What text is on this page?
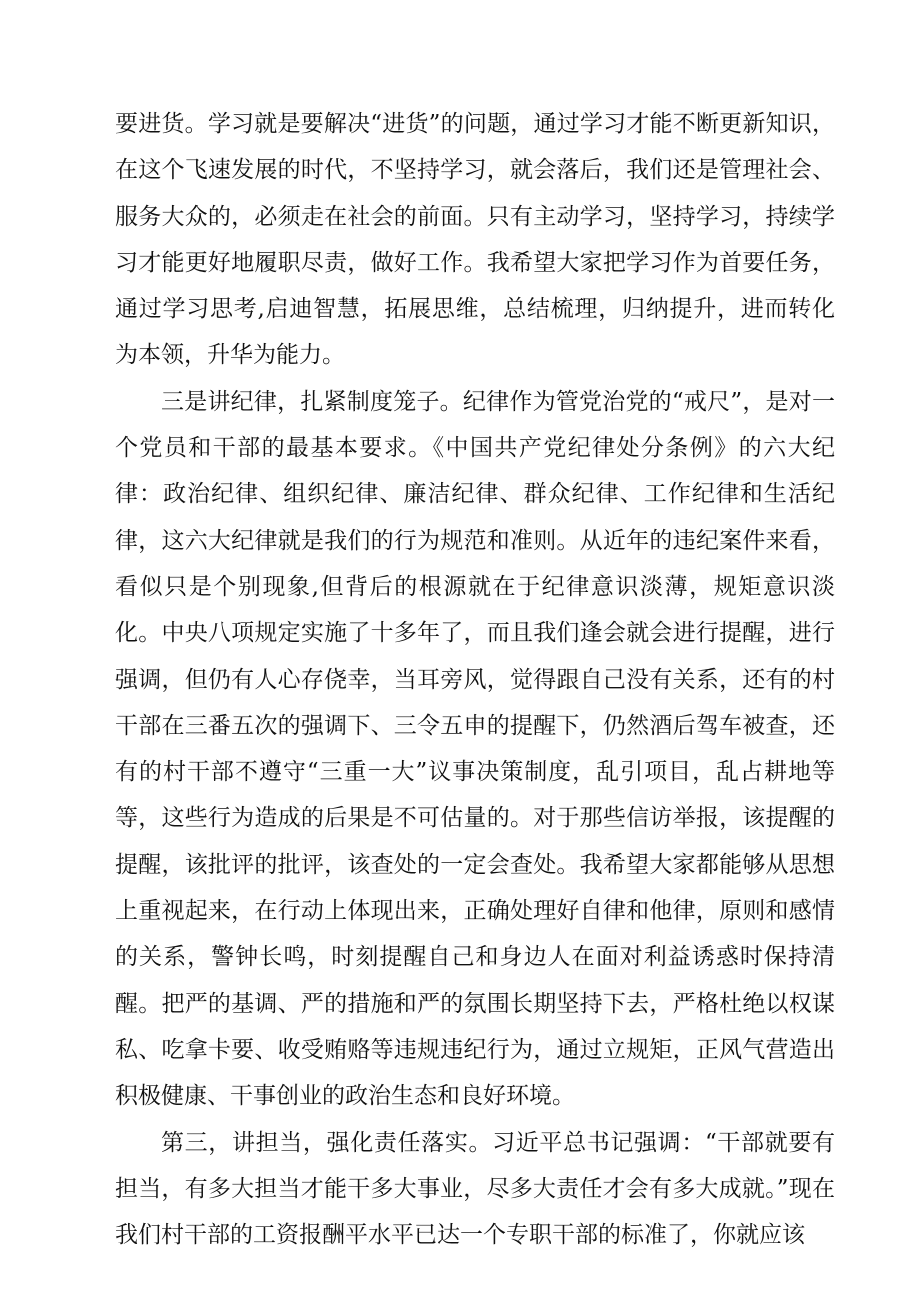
要进货。学习就是要解决“进货”的问题，通过学习才能不断更新知识，在这个飞速发展的时代，不坚持学习，就会落后，我们还是管理社会、服务大众的，必须走在社会的前面。只有主动学习，坚持学习，持续学习才能更好地履职尽责，做好工作。我希望大家把学习作为首要任务，通过学习思考,启迪智慧，拓展思维，总结梳理，归纳提升，进而转化为本领，升华为能力。

三是讲纪律，扎紧制度笼子。纪律作为管党治党的“戒尺”，是对一个党员和干部的最基本要求。《中国共产党纪律处分条例》的六大纪律：政治纪律、组织纪律、廉洁纪律、群众纪律、工作纪律和生活纪律，这六大纪律就是我们的行为规范和准则。从近年的违纪案件来看，看似只是个别现象,但背后的根源就在于纪律意识淡薄，规矩意识淡化。中央八项规定实施了十多年了，而且我们逢会就会进行提醒，进行强调，但仍有人心存侥幸，当耳旁风，觉得跟自己没有关系，还有的村干部在三番五次的强调下、三令五申的提醒下，仍然酒后驾车被查，还有的村干部不遵守“三重一大”议事决策制度，乱引项目，乱占耕地等等，这些行为造成的后果是不可估量的。对于那些信访举报，该提醒的提醒，该批评的批评，该查处的一定会查处。我希望大家都能够从思想上重视起来，在行动上体现出来，正确处理好自律和他律，原则和感情的关系，警钟长鸣，时刻提醒自己和身边人在面对利益诱惑时保持清醒。把严的基调、严的措施和严的氛围长期坚持下去，严格杜绝以权谋私、吃拿卡要、收受贿赂等违规违纪行为，通过立规矩，正风气营造出积极健康、干事创业的政治生态和良好环境。

第三，讲担当，强化责任落实。习近平总书记强调：“干部就要有担当，有多大担当才能干多大事业，尽多大责任才会有多大成就。”现在我们村干部的工资报酬平水平已达一个专职干部的标准了，你就应该
